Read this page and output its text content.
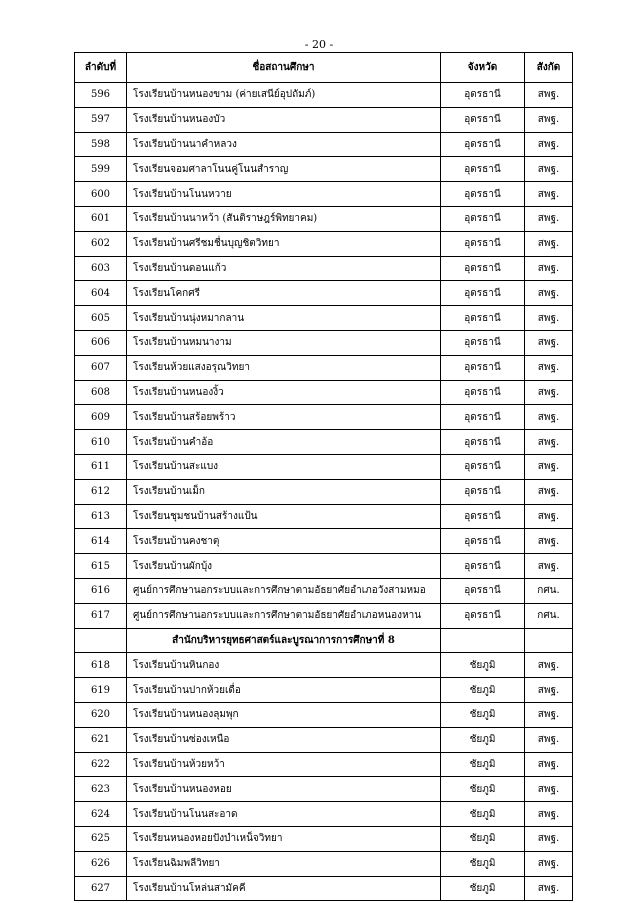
- 20 -
ลำดับที่	ชื่อสถานศึกษา	จังหวัด	สังกัด
596	โรงเรียนบ้านหนองขาม (ค่ายเสนีย์อุปถัมภ์)	อุดรธานี	สพฐ.
597	โรงเรียนบ้านหนองบัว	อุดรธานี	สพฐ.
598	โรงเรียนบ้านนาคำหลวง	อุดรธานี	สพฐ.
599	โรงเรียนจอมศาลาโนนคู่โนนสำราญ	อุดรธานี	สพฐ.
600	โรงเรียนบ้านโนนหวาย	อุดรธานี	สพฐ.
601	โรงเรียนบ้านนาหว้า (สันติราษฎร์พิทยาคม)	อุดรธานี	สพฐ.
602	โรงเรียนบ้านศรีชมชื่นบุญชิตวิทยา	อุดรธานี	สพฐ.
603	โรงเรียนบ้านดอนแก้ว	อุดรธานี	สพฐ.
604	โรงเรียนโคกศรี	อุดรธานี	สพฐ.
605	โรงเรียนบ้านนุ่งหมากลาน	อุดรธานี	สพฐ.
606	โรงเรียนบ้านหมนางาม	อุดรธานี	สพฐ.
607	โรงเรียนห้วยแสงอรุณวิทยา	อุดรธานี	สพฐ.
608	โรงเรียนบ้านหนองงิ้ว	อุดรธานี	สพฐ.
609	โรงเรียนบ้านสร้อยพร้าว	อุดรธานี	สพฐ.
610	โรงเรียนบ้านคำอ้อ	อุดรธานี	สพฐ.
611	โรงเรียนบ้านสะแบง	อุดรธานี	สพฐ.
612	โรงเรียนบ้านเม็ก	อุดรธานี	สพฐ.
613	โรงเรียนชุมชนบ้านสร้างแป้น	อุดรธานี	สพฐ.
614	โรงเรียนบ้านคงชาตุ	อุดรธานี	สพฐ.
615	โรงเรียนบ้านผักบุ้ง	อุดรธานี	สพฐ.
616	ศูนย์การศึกษานอกระบบและการศึกษาตามอัธยาศัยอำเภอวังสามหมอ	อุดรธานี	กศน.
617	ศูนย์การศึกษานอกระบบและการศึกษาตามอัธยาศัยอำเภอหนองหาน	อุดรธานี	กศน.
	สำนักบริหารยุทธศาสตร์และบูรณาการการศึกษาที่ 8		
618	โรงเรียนบ้านหินกอง	ชัยภูมิ	สพฐ.
619	โรงเรียนบ้านปากห้วยเดื่อ	ชัยภูมิ	สพฐ.
620	โรงเรียนบ้านหนองลุมพุก	ชัยภูมิ	สพฐ.
621	โรงเรียนบ้านซ่องเหนือ	ชัยภูมิ	สพฐ.
622	โรงเรียนบ้านห้วยหว้า	ชัยภูมิ	สพฐ.
623	โรงเรียนบ้านหนองหอย	ชัยภูมิ	สพฐ.
624	โรงเรียนบ้านโนนสะอาด	ชัยภูมิ	สพฐ.
625	โรงเรียนหนองหอยปังบำเหน็จวิทยา	ชัยภูมิ	สพฐ.
626	โรงเรียนฉิมพลีวิทยา	ชัยภูมิ	สพฐ.
627	โรงเรียนบ้านโหล่นสามัคคี	ชัยภูมิ	สพฐ.
